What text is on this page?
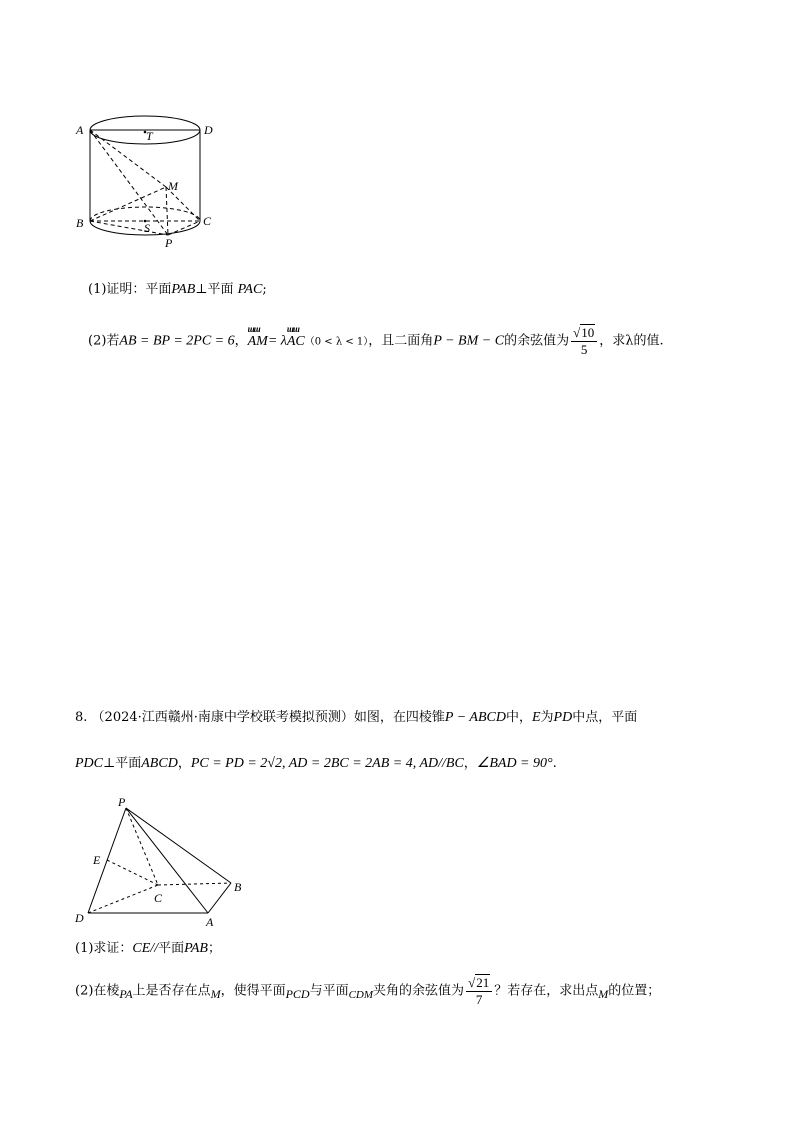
A	D
T
M
B	C
S
P
(1)证明：平面PAB⊥平面 PAC;
(2)若AB = BP = 2PC = 6，ɯɯ AM= λɯɯ AC（0 < λ < 1），且二面角P − BM − C的余弦值为 $\frac{√10}{5}$ ，求λ的值.
8. （2024·江西赣州·南康中学校联考模拟预测）如图，在四棱锥P − ABCD中，E为PD中点，平面
PDC⊥平面ABCD，PC = PD = 2√2, AD = 2BC = 2AB = 4, AD//BC，∠BAD = 90°.
P
E
C
B
D	A
(1)求证：CE//平面PAB；
(2)在棱$_{PA}$上是否存在点$_M$，使得平面$_{PCD}$与平面$_{CDM}$夹角的余弦值为 $\frac{√21}{7}$ ？若存在，求出点$_M$的位置；
